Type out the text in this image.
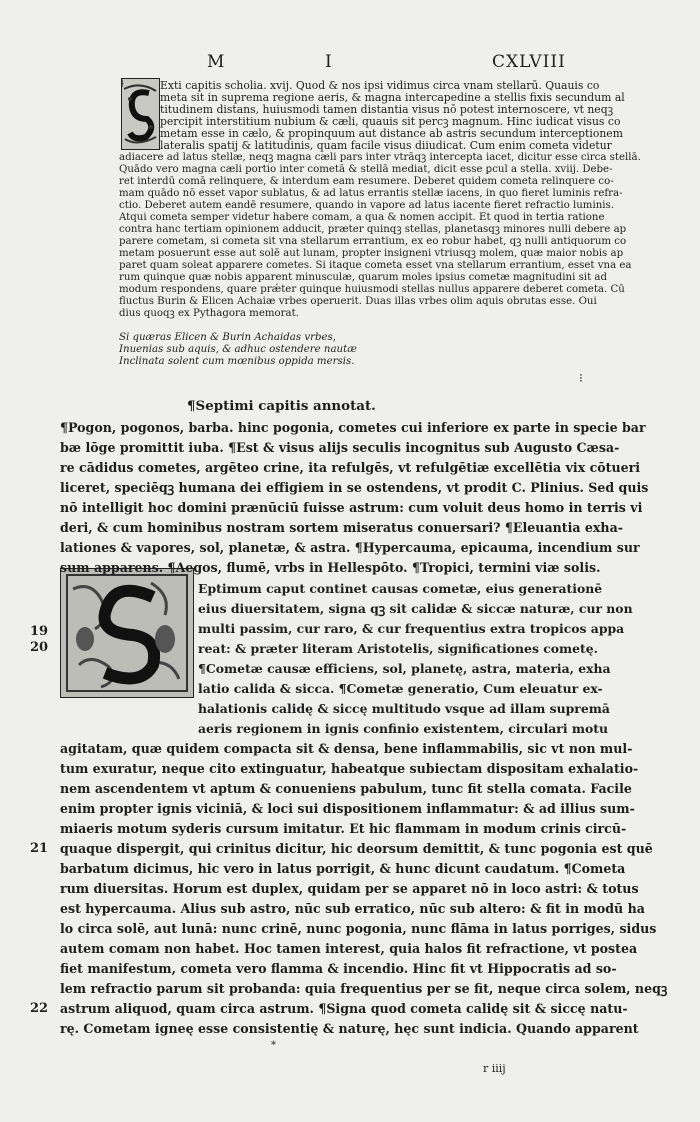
M	I	CXLVIII
⟊	Exti capitis scholia. xvij. Quod & nos ipsi vidimus circa vnam stellarū. Quauis co
meta sit in suprema regione aeris, & magna intercapedine a stellis fixis secundum al
titudinem distans, huiusmodi tamen distantia visus nō potest internoscere, vt neqꝫ
percipit interstitium nubium & cæli, quauis sit percꝫ magnum. Hinc iudicat visus co
metam esse in cælo, & propinquum aut distance ab astris secundum interceptionem
lateralis spatij & latitudinis, quam facile visus diiudicat. Cum enim cometa videtur
adiacere ad latus stellæ, neqꝫ magna cæli pars inter vtrāqꝫ intercepta iacet, dicitur esse circa stellā.
Quādo vero magna cæli portio inter cometā & stellā mediat, dicit esse ꝑcul a stella. xviij. Debe-
ret interdū comā relinquere, & interdum eam resumere. Deberet quidem cometa relinquere co-
mam quādo nō esset vapor sublatus, & ad latus errantis stellæ iacens, in quo fieret luminis refra-
ctio. Deberet autem eandē resumere, quando in vapore ad latus iacente fieret refractio luminis.
Atqui cometa semper videtur habere comam, a qua & nomen accipit. Et quod in tertia ratione
contra hanc tertiam opinionem adducit, præter quinqꝫ stellas, planetasqꝫ minores nulli debere ap
parere cometam, si cometa sit vna stellarum errantium, ex eo robur habet, qꝫ nulli antiquorum co
metam posuerunt esse aut solē aut lunam, propter insigneni vtriusqꝫ molem, quæ maior nobis ap
paret quam soleat apparere cometes. Si itaque cometa esset vna stellarum errantium, esset vna ea
rum quinque quæ nobis apparent minusculæ, quarum moles ipsius cometæ magnitudini sit ad
modum respondens, quare prǽter quinque huiusmodi stellas nullus apparere deberet cometa. Cū
fluctus Burin & Elicen Achaiæ vrbes operuerit. Duas illas vrbes olim aquis obrutas esse. Oui
dius quoqꝫ ex Pythagora memorat.
Si quæras Elicen & Burin Achaidas vrbes,
Inuenias sub aquis, & adhuc ostendere nautæ
Inclinata solent cum mœnibus oppida mersis.
⁝
¶Septimi capitis annotat.
¶Pogon, pogonos, barba. hinc pogonia, cometes cui inferiore ex parte in specie bar
bæ lōge promittit iuba. ¶Est & visus alijs seculis incognitus sub Augusto Cæsa-
re cādidus cometes, argēteo crine, ita refulgēs, vt refulgētiæ excellētia vix cōtueri
liceret, speciēqꝫ humana dei effigiem in se ostendens, vt prodit C. Plinius. Sed quis
nō intelligit hoc domini prænūciū fuisse astrum: cum voluit deus homo in terris vi
deri, & cum hominibus nostram sortem miseratus conuersari? ¶Eleuantia exha-
lationes & vapores, sol, planetæ, & astra. ¶Hypercauma, epicauma, incendium sur
sum apparens. ¶Aegos, flumē, vrbs in Hellespōto. ¶Tropici, termini viæ solis.
Eptimum caput continet causas cometæ, eius generationē
eius diuersitatem, signa qꝫ sit calidæ & siccæ naturæ, cur non
multi passim, cur raro, & cur frequentius extra tropicos appa
reat: & præter literam Aristotelis, significationes cometę.
¶Cometæ causæ efficiens, sol, planetę, astra, materia, exha
latio calida & sicca. ¶Cometæ generatio, Cum eleuatur ex-
halationis calidę & siccę multitudo vsque ad illam supremā
aeris regionem in ignis confinio existentem, circulari motu
agitatam, quæ quidem compacta sit & densa, bene inflammabilis, sic vt non mul-
tum exuratur, neque cito extinguatur, habeatque subiectam dispositam exhalatio-
nem ascendentem vt aptum & conueniens pabulum, tunc fit stella comata. Facile
enim propter ignis viciniā, & loci sui dispositionem inflammatur: & ad illius sum-
miaeris motum syderis cursum imitatur. Et hic flammam in modum crinis circū-
quaque dispergit, qui crinitus dicitur, hic deorsum demittit, & tunc pogonia est quē
barbatum dicimus, hic vero in latus porrigit, & hunc dicunt caudatum. ¶Cometa
rum diuersitas. Horum est duplex, quidam per se apparet nō in loco astri: & totus
est hypercauma. Alius sub astro, nūc sub erratico, nūc sub altero: & fit in modū ha
lo circa solē, aut lunā: nunc crinē, nunc pogonia, nunc flāma in latus porriges, sidus
autem comam non habet. Hoc tamen interest, quia halos fit refractione, vt postea
fiet manifestum, cometa vero flamma & incendio. Hinc fit vt Hippocratis ad so-
lem refractio parum sit probanda: quia frequentius per se fit, neque circa solem, neqꝫ
astrum aliquod, quam circa astrum. ¶Signa quod cometa calidę sit & siccę natu-
rę. Cometam igneę esse consistentię & naturę, hęc sunt indicia. Quando apparent
19
20
21
22
r iiij
*
